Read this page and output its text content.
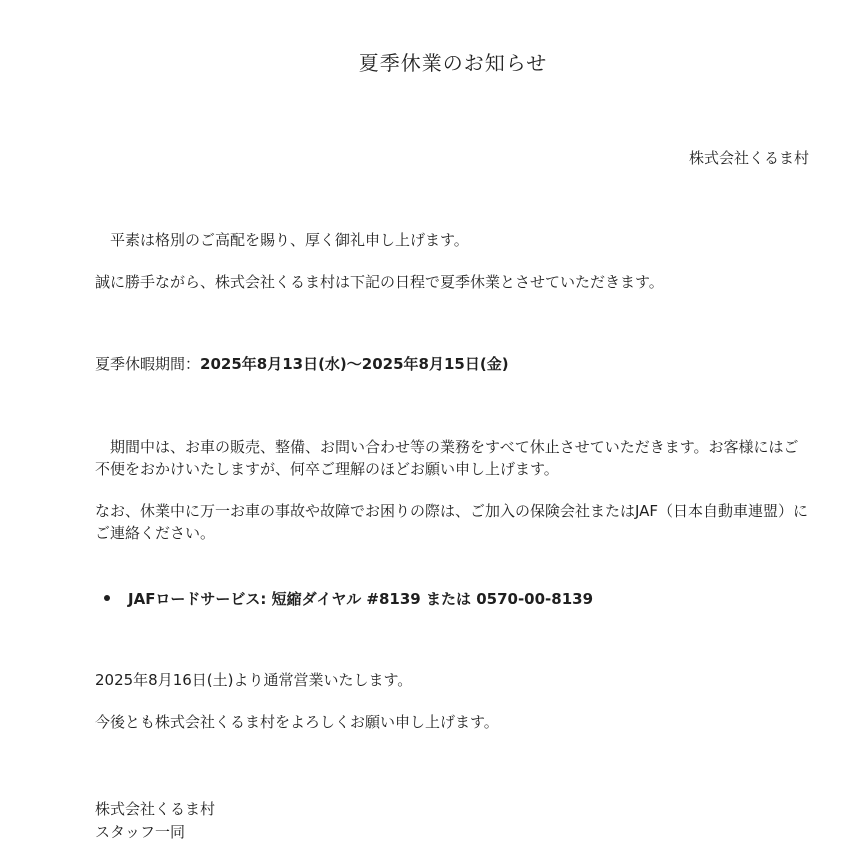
夏季休業のお知らせ
株式会社くるま村
　平素は格別のご高配を賜り、厚く御礼申し上げます。
誠に勝手ながら、株式会社くるま村は下記の日程で夏季休業とさせていただきます。
夏季休暇期間：2025年8月13日(水)～2025年8月15日(金)
　期間中は、お車の販売、整備、お問い合わせ等の業務をすべて休止させていただきます。お客様にはご不便をおかけいたしますが、何卒ご理解のほどお願い申し上げます。
なお、休業中に万一お車の事故や故障でお困りの際は、ご加入の保険会社またはJAF（日本自動車連盟）にご連絡ください。
JAFロードサービス: 短縮ダイヤル #8139 または 0570-00-8139
2025年8月16日(土)より通常営業いたします。
今後とも株式会社くるま村をよろしくお願い申し上げます。
株式会社くるま村
スタッフ一同
